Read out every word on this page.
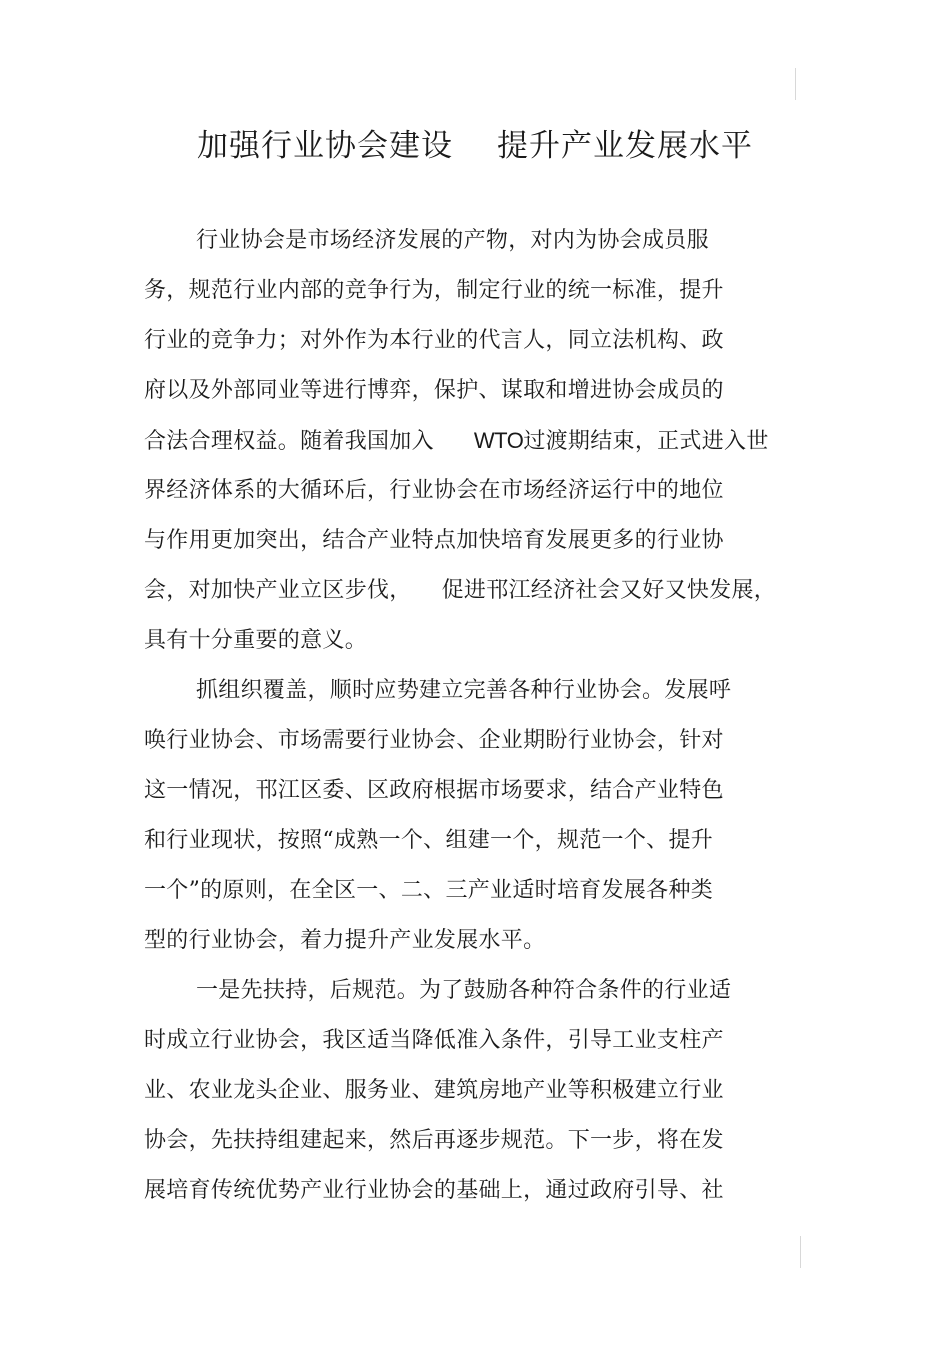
加强行业协会建设 提升产业发展水平
行业协会是市场经济发展的产物，对内为协会成员服
务，规范行业内部的竞争行为，制定行业的统一标准，提升
行业的竞争力；对外作为本行业的代言人，同立法机构、政
府以及外部同业等进行博弈，保护、谋取和增进协会成员的
合法合理权益。随着我国加入 WTO过渡期结束，正式进入世
界经济体系的大循环后，行业协会在市场经济运行中的地位
与作用更加突出，结合产业特点加快培育发展更多的行业协
会，对加快产业立区步伐， 促进邗江经济社会又好又快发展，
具有十分重要的意义。
抓组织覆盖，顺时应势建立完善各种行业协会。发展呼
唤行业协会、市场需要行业协会、企业期盼行业协会，针对
这一情况，邗江区委、区政府根据市场要求，结合产业特色
和行业现状，按照“成熟一个、组建一个，规范一个、提升
一个”的原则，在全区一、二、三产业适时培育发展各种类
型的行业协会，着力提升产业发展水平。
一是先扶持，后规范。为了鼓励各种符合条件的行业适
时成立行业协会，我区适当降低准入条件，引导工业支柱产
业、农业龙头企业、服务业、建筑房地产业等积极建立行业
协会，先扶持组建起来，然后再逐步规范。下一步，将在发
展培育传统优势产业行业协会的基础上，通过政府引导、社
